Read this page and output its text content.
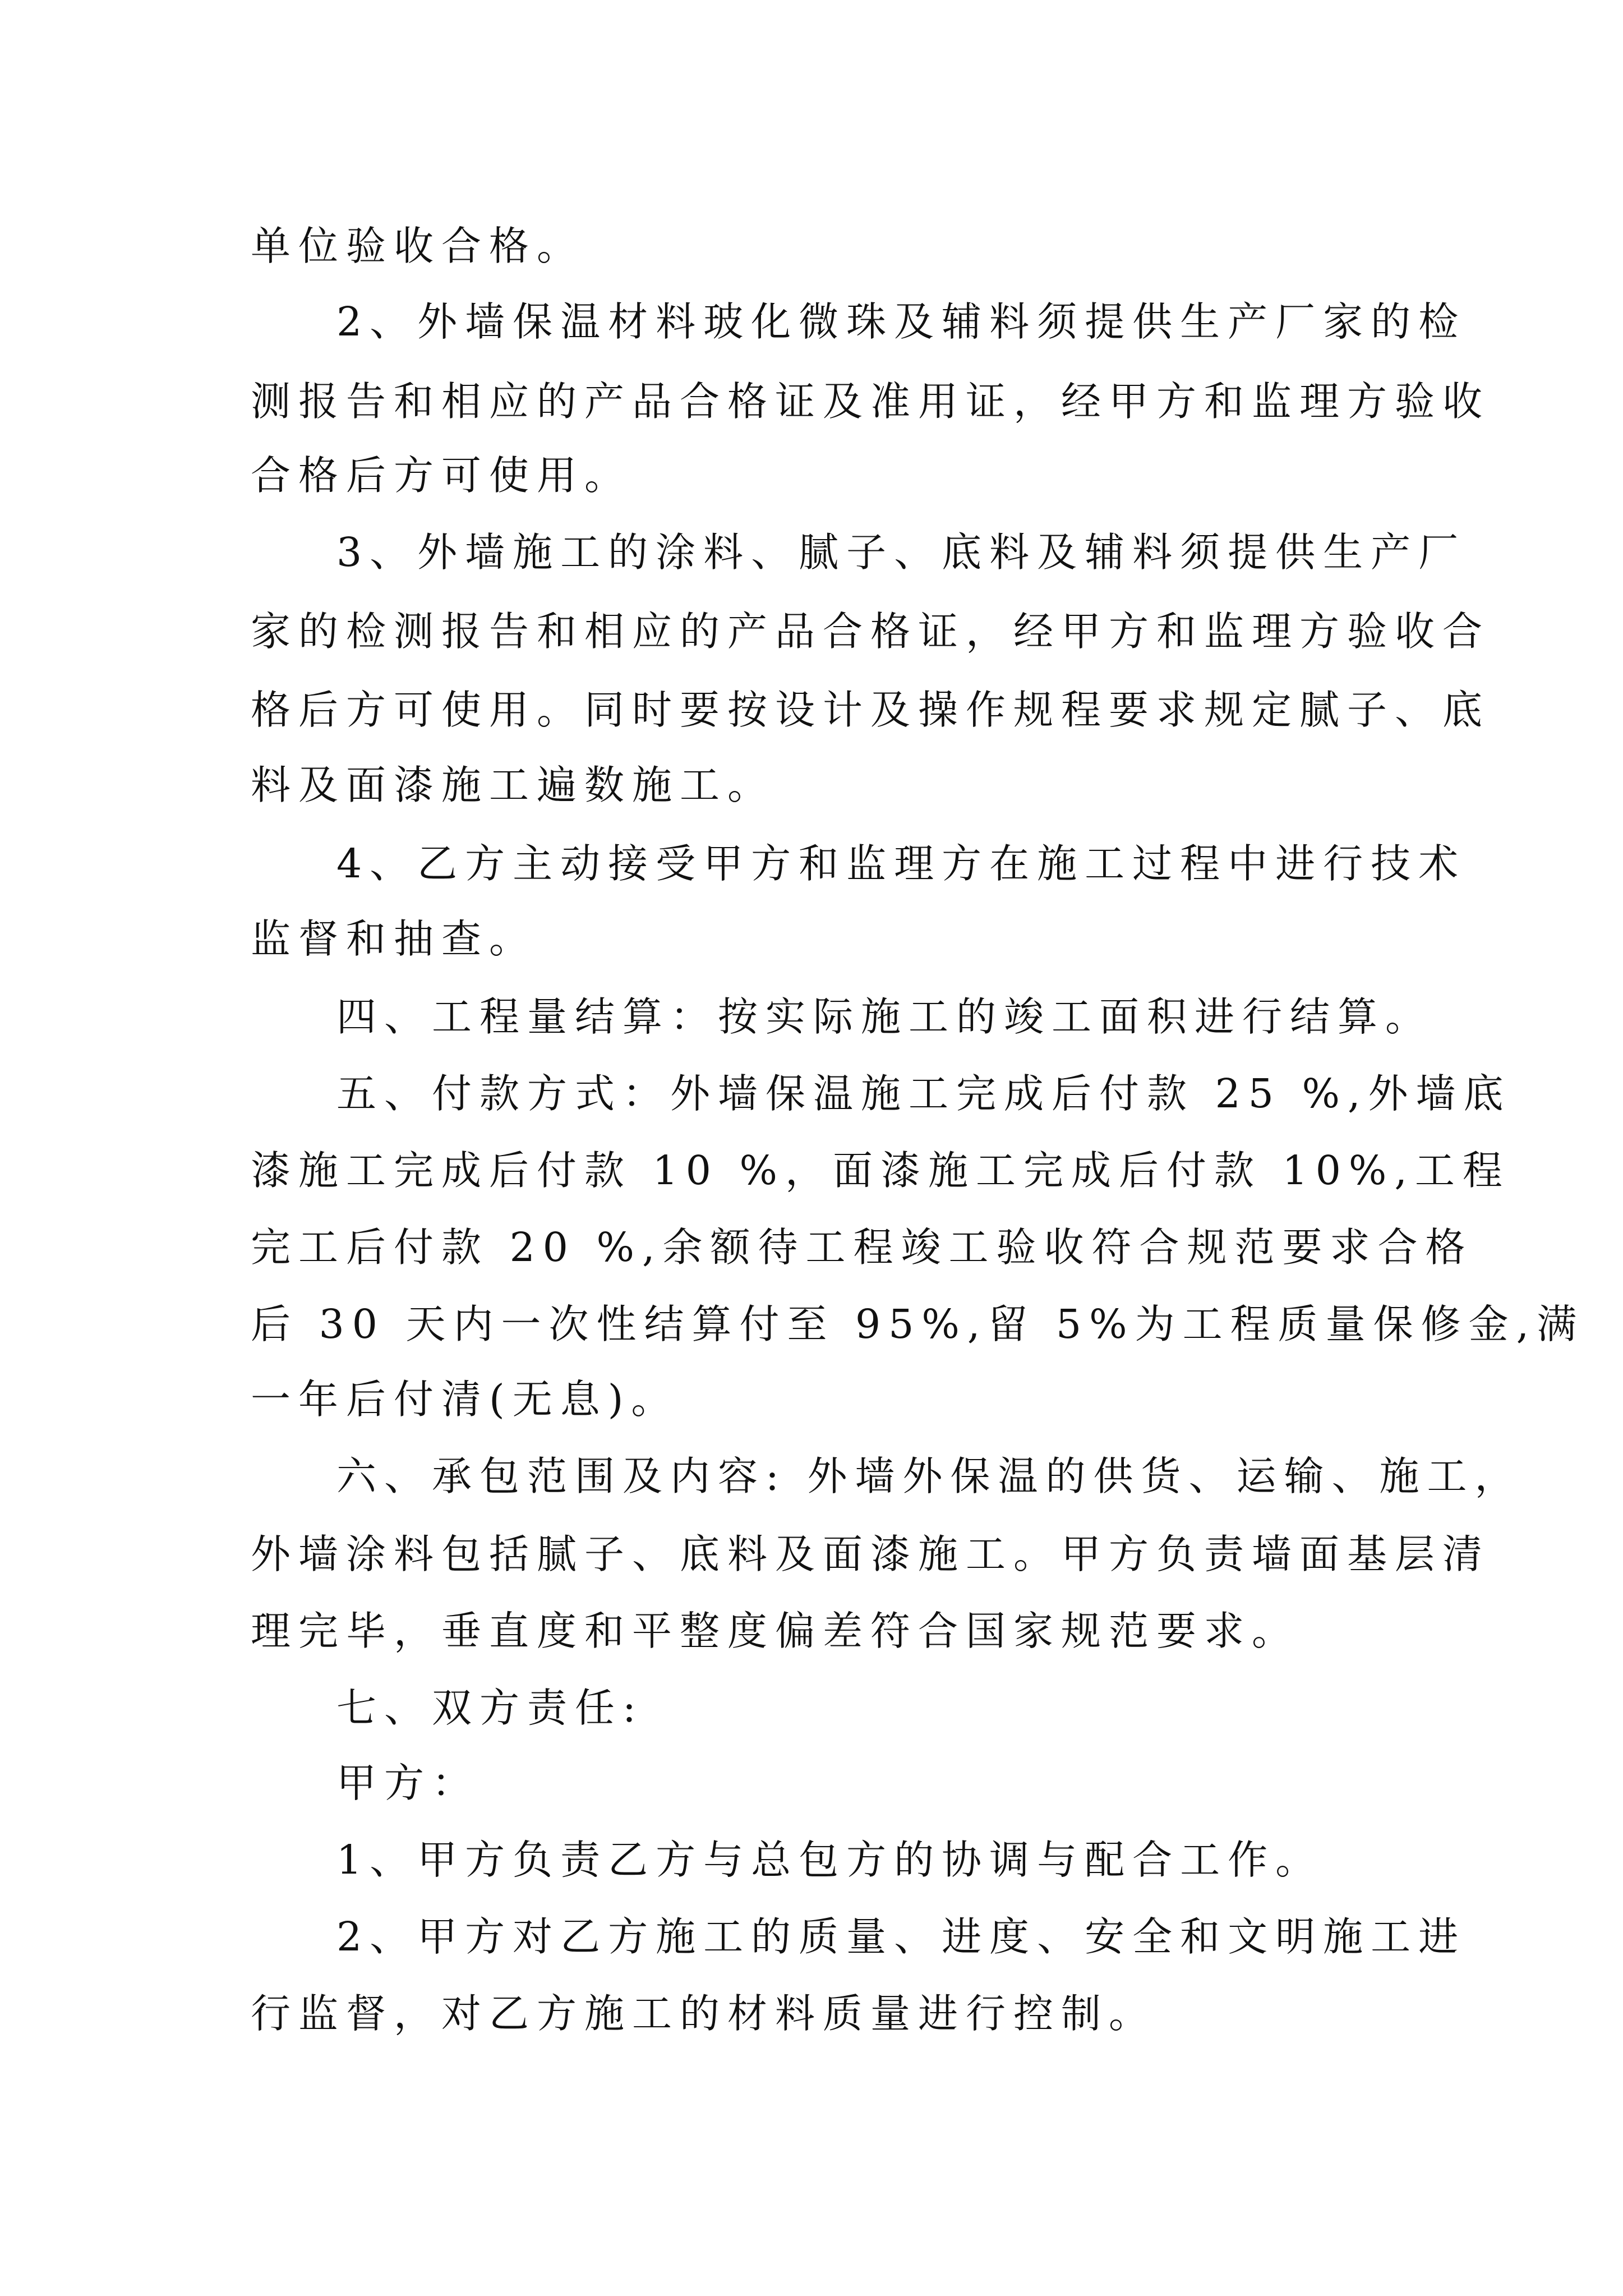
单位验收合格。

2、外墙保温材料玻化微珠及辅料须提供生产厂家的检

测报告和相应的产品合格证及准用证，经甲方和监理方验收

合格后方可使用。

3、外墙施工的涂料、腻子、底料及辅料须提供生产厂

家的检测报告和相应的产品合格证，经甲方和监理方验收合

格后方可使用。同时要按设计及操作规程要求规定腻子、底

料及面漆施工遍数施工。

4、乙方主动接受甲方和监理方在施工过程中进行技术

监督和抽查。

四、工程量结算：按实际施工的竣工面积进行结算。

五、付款方式：外墙保温施工完成后付款 25 %,外墙底

漆施工完成后付款 10 %，面漆施工完成后付款 10%,工程

完工后付款 20 %,余额待工程竣工验收符合规范要求合格

后 30 天内一次性结算付至 95%,留 5%为工程质量保修金,满

一年后付清(无息)。

六、承包范围及内容: 外墙外保温的供货、运输、施工，

外墙涂料包括腻子、底料及面漆施工。甲方负责墙面基层清

理完毕，垂直度和平整度偏差符合国家规范要求。

七、双方责任:

甲方：

1、甲方负责乙方与总包方的协调与配合工作。

2、甲方对乙方施工的质量、进度、安全和文明施工进

行监督，对乙方施工的材料质量进行控制。
